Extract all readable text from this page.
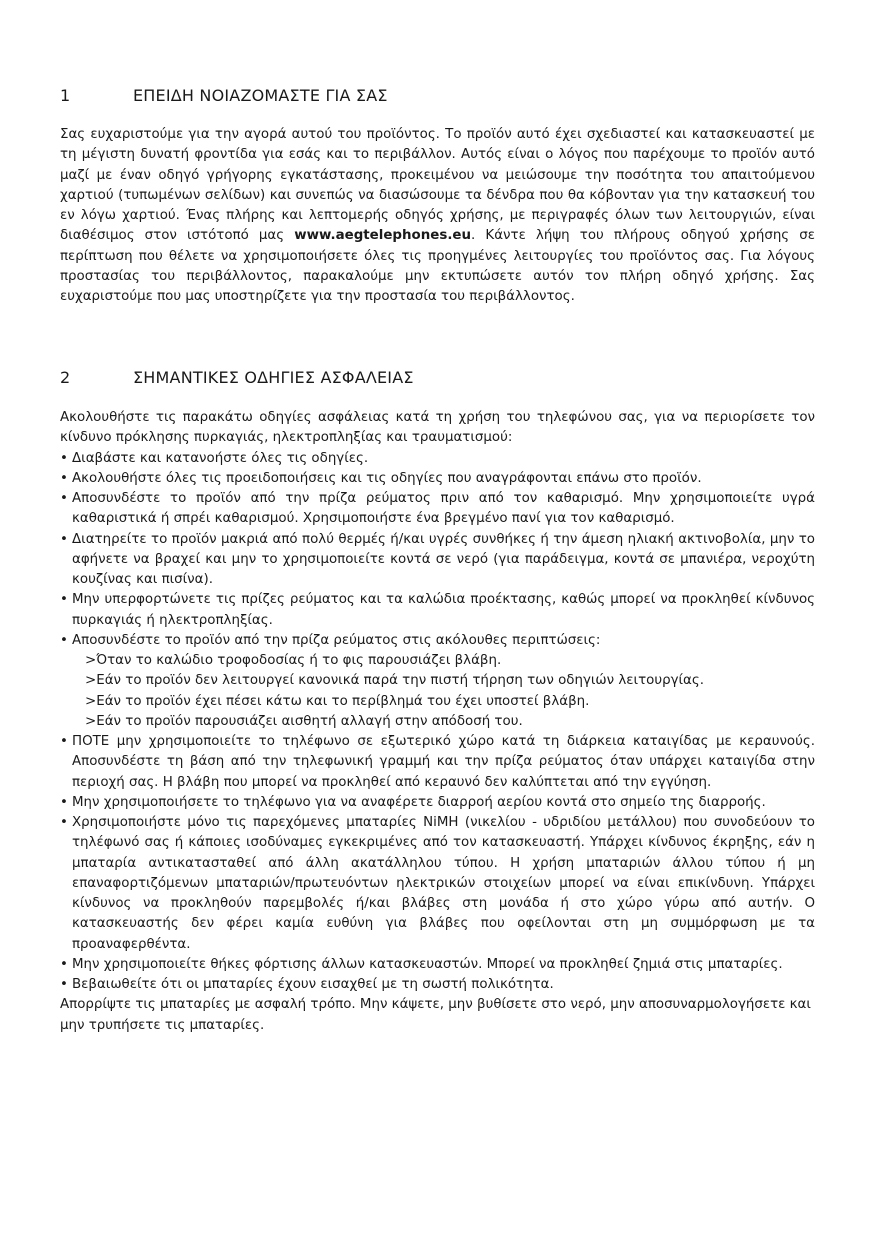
1	ΕΠΕΙΔΗ ΝΟΙΑΖΟΜΑΣΤΕ ΓΙΑ ΣΑΣ

Σας ευχαριστούμε για την αγορά αυτού του προϊόντος. Το προϊόν αυτό έχει σχεδιαστεί και κατασκευαστεί με τη μέγιστη δυνατή φροντίδα για εσάς και το περιβάλλον. Αυτός είναι ο λόγος που παρέχουμε το προϊόν αυτό μαζί με έναν οδηγό γρήγορης εγκατάστασης, προκειμένου να μειώσουμε την ποσότητα του απαιτούμενου χαρτιού (τυπωμένων σελίδων) και συνεπώς να διασώσουμε τα δένδρα που θα κόβονταν για την κατασκευή του εν λόγω χαρτιού. Ένας πλήρης και λεπτομερής οδηγός χρήσης, με περιγραφές όλων των λειτουργιών, είναι διαθέσιμος στον ιστότοπό μας www.aegtelephones.eu. Κάντε λήψη του πλήρους οδηγού χρήσης σε περίπτωση που θέλετε να χρησιμοποιήσετε όλες τις προηγμένες λειτουργίες του προϊόντος σας. Για λόγους προστασίας του περιβάλλοντος, παρακαλούμε μην εκτυπώσετε αυτόν τον πλήρη οδηγό χρήσης. Σας ευχαριστούμε που μας υποστηρίζετε για την προστασία του περιβάλλοντος.

2	ΣΗΜΑΝΤΙΚΕΣ ΟΔΗΓΙΕΣ ΑΣΦΑΛΕΙΑΣ

Ακολουθήστε τις παρακάτω οδηγίες ασφάλειας κατά τη χρήση του τηλεφώνου σας, για να περιορίσετε τον κίνδυνο πρόκλησης πυρκαγιάς, ηλεκτροπληξίας και τραυματισμού:

• Διαβάστε και κατανοήστε όλες τις οδηγίες.
• Ακολουθήστε όλες τις προειδοποιήσεις και τις οδηγίες που αναγράφονται επάνω στο προϊόν.
• Αποσυνδέστε το προϊόν από την πρίζα ρεύματος πριν από τον καθαρισμό. Μην χρησιμοποιείτε υγρά καθαριστικά ή σπρέι καθαρισμού. Χρησιμοποιήστε ένα βρεγμένο πανί για τον καθαρισμό.
• Διατηρείτε το προϊόν μακριά από πολύ θερμές ή/και υγρές συνθήκες ή την άμεση ηλιακή ακτινοβολία, μην το αφήνετε να βραχεί και μην το χρησιμοποιείτε κοντά σε νερό (για παράδειγμα, κοντά σε μπανιέρα, νεροχύτη κουζίνας και πισίνα).
• Μην υπερφορτώνετε τις πρίζες ρεύματος και τα καλώδια προέκτασης, καθώς μπορεί να προκληθεί κίνδυνος πυρκαγιάς ή ηλεκτροπληξίας.
• Αποσυνδέστε το προϊόν από την πρίζα ρεύματος στις ακόλουθες περιπτώσεις:
>Όταν το καλώδιο τροφοδοσίας ή το φις παρουσιάζει βλάβη.
>Εάν το προϊόν δεν λειτουργεί κανονικά παρά την πιστή τήρηση των οδηγιών λειτουργίας.
>Εάν το προϊόν έχει πέσει κάτω και το περίβλημά του έχει υποστεί βλάβη.
>Εάν το προϊόν παρουσιάζει αισθητή αλλαγή στην απόδοσή του.
• ΠΟΤΕ μην χρησιμοποιείτε το τηλέφωνο σε εξωτερικό χώρο κατά τη διάρκεια καταιγίδας με κεραυνούς. Αποσυνδέστε τη βάση από την τηλεφωνική γραμμή και την πρίζα ρεύματος όταν υπάρχει καταιγίδα στην περιοχή σας. Η βλάβη που μπορεί να προκληθεί από κεραυνό δεν καλύπτεται από την εγγύηση.
• Μην χρησιμοποιήσετε το τηλέφωνο για να αναφέρετε διαρροή αερίου κοντά στο σημείο της διαρροής.
• Χρησιμοποιήστε μόνο τις παρεχόμενες μπαταρίες NiMH (νικελίου - υδριδίου μετάλλου) που συνοδεύουν το τηλέφωνό σας ή κάποιες ισοδύναμες εγκεκριμένες από τον κατασκευαστή. Υπάρχει κίνδυνος έκρηξης, εάν η μπαταρία αντικατασταθεί από άλλη ακατάλληλου τύπου. Η χρήση μπαταριών άλλου τύπου ή μη επαναφορτιζόμενων μπαταριών/πρωτευόντων ηλεκτρικών στοιχείων μπορεί να είναι επικίνδυνη. Υπάρχει κίνδυνος να προκληθούν παρεμβολές ή/και βλάβες στη μονάδα ή στο χώρο γύρω από αυτήν. Ο κατασκευαστής δεν φέρει καμία ευθύνη για βλάβες που οφείλονται στη μη συμμόρφωση με τα προαναφερθέντα.
• Μην χρησιμοποιείτε θήκες φόρτισης άλλων κατασκευαστών. Μπορεί να προκληθεί ζημιά στις μπαταρίες.
• Βεβαιωθείτε ότι οι μπαταρίες έχουν εισαχθεί με τη σωστή πολικότητα.

Απορρίψτε τις μπαταρίες με ασφαλή τρόπο. Μην κάψετε, μην βυθίσετε στο νερό, μην αποσυναρμολογήσετε και μην τρυπήσετε τις μπαταρίες.
